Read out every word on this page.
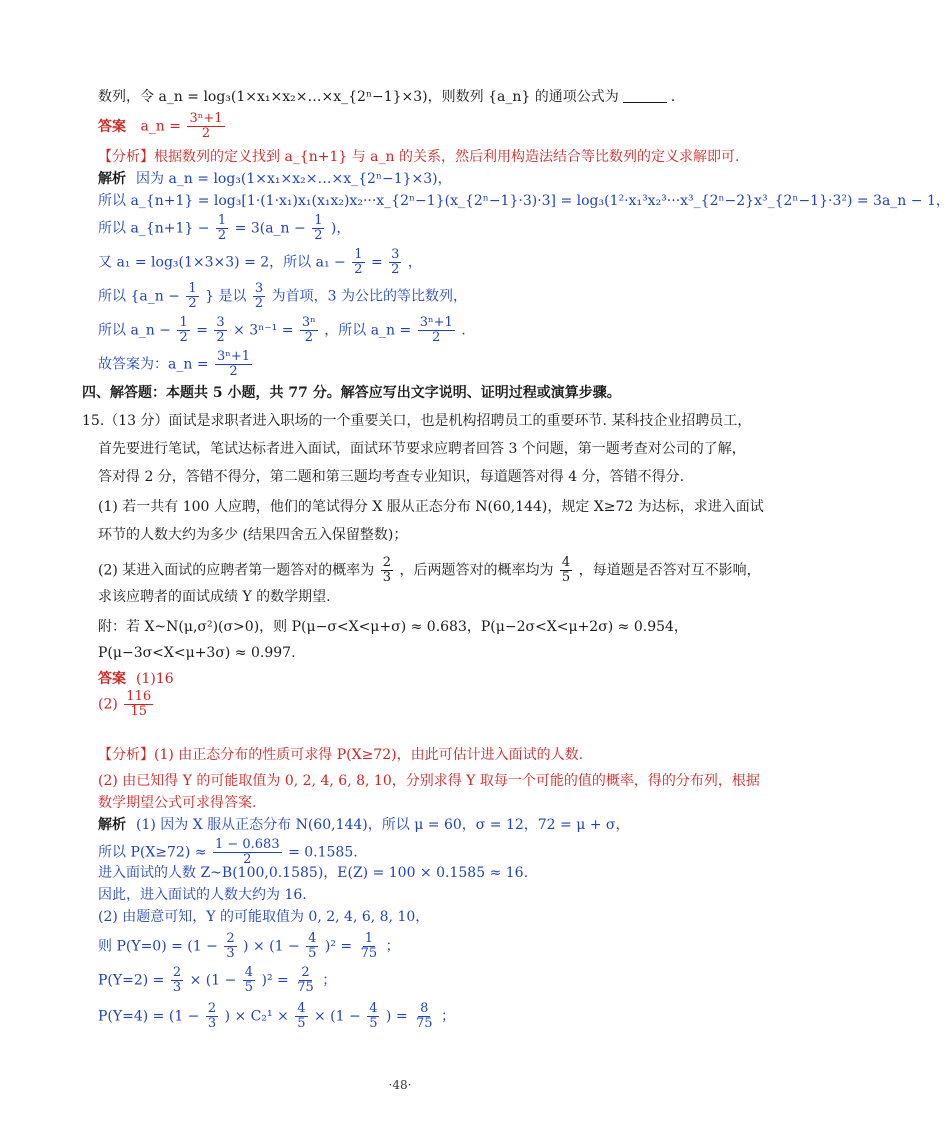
数列，令 a_n = log₃(1×x₁×x₂×…×x_{2ⁿ−1}×3)，则数列 {a_n} 的通项公式为	.
答案 a_n = $\frac{\text{3ⁿ+1}}{2}$
【分析】根据数列的定义找到 a_{n+1} 与 a_n 的关系，然后利用构造法结合等比数列的定义求解即可.
解析 因为 a_n = log₃(1×x₁×x₂×…×x_{2ⁿ−1}×3)，
所以 a_{n+1} = log₃[1·(1·x₁)x₁(x₁x₂)x₂···x_{2ⁿ−1}(x_{2ⁿ−1}·3)·3] = log₃(1²·x₁³x₂³···x³_{2ⁿ−2}x³_{2ⁿ−1}·3²) = 3a_n − 1，
所以 a_{n+1} − $\frac{1}{2}$ = 3(a_n − $\frac{1}{2}$ )，
又 a₁ = log₃(1×3×3) = 2，所以 $a_1 - \frac{1}{2} = \frac{3}{2}$ ，
所以 {a_n − $\frac{1}{2}$ } 是以 $\frac{3}{2}$ 为首项，3 为公比的等比数列，
所以 a_n − $\frac{1}{2} = \frac{3}{2} \times 3^{n-1} = \frac{\text{3ⁿ}}{2}$ ，所以 a_n = $\frac{\text{3ⁿ+1}}{2}$ .
故答案为：a_n = $\frac{\text{3ⁿ+1}}{2}$
四、解答题：本题共 5 小题，共 77 分。解答应写出文字说明、证明过程或演算步骤。
15.（13 分）面试是求职者进入职场的一个重要关口，也是机构招聘员工的重要环节. 某科技企业招聘员工，
首先要进行笔试，笔试达标者进入面试，面试环节要求应聘者回答 3 个问题，第一题考查对公司的了解，
答对得 2 分，答错不得分，第二题和第三题均考查专业知识，每道题答对得 4 分，答错不得分.
(1) 若一共有 100 人应聘，他们的笔试得分 X 服从正态分布 N(60,144)，规定 X≥72 为达标，求进入面试
环节的人数大约为多少 (结果四舍五入保留整数)；
(2) 某进入面试的应聘者第一题答对的概率为 $\frac{2}{3}$ ，后两题答对的概率均为 $\frac{4}{5}$ ，每道题是否答对互不影响，
求该应聘者的面试成绩 Y 的数学期望.
附：若 X~N(μ,σ²)(σ>0)，则 P(μ−σ<X<μ+σ) ≈ 0.683，P(μ−2σ<X<μ+2σ) ≈ 0.954，
P(μ−3σ<X<μ+3σ) ≈ 0.997.
答案 (1)16
$(2) \frac{116}{15}$
【分析】(1) 由正态分布的性质可求得 P(X≥72)，由此可估计进入面试的人数.
(2) 由已知得 Y 的可能取值为 0, 2, 4, 6, 8, 10，分别求得 Y 取每一个可能的值的概率，得的分布列，根据
数学期望公式可求得答案.
解析 (1) 因为 X 服从正态分布 N(60,144)，所以 μ = 60，σ = 12，72 = μ + σ，
所以 $P(X\ge 72) \approx \frac{1 - 0.683}{2} = 0.1585$.
进入面试的人数 Z~B(100,0.1585)，E(Z) = 100 × 0.1585 ≈ 16.
因此，进入面试的人数大约为 16.
(2) 由题意可知，Y 的可能取值为 0, 2, 4, 6, 8, 10，
则 $P(Y=0) = (1 - \frac{2}{3}$ ) × $(1 - \frac{4}{5} )^2 = \frac{1}{75}$ ；
$P(Y=2) = \frac{2}{3} \times (1 - \frac{4}{5} )^2 = \frac{2}{75}$ ；
$P(Y=4) = (1 - \frac{2}{3}$ ) × $C_2^1 \times \frac{4}{5} \times (1 - \frac{4}{5}$ ) = $\frac{8}{75}$ ；
·48·
